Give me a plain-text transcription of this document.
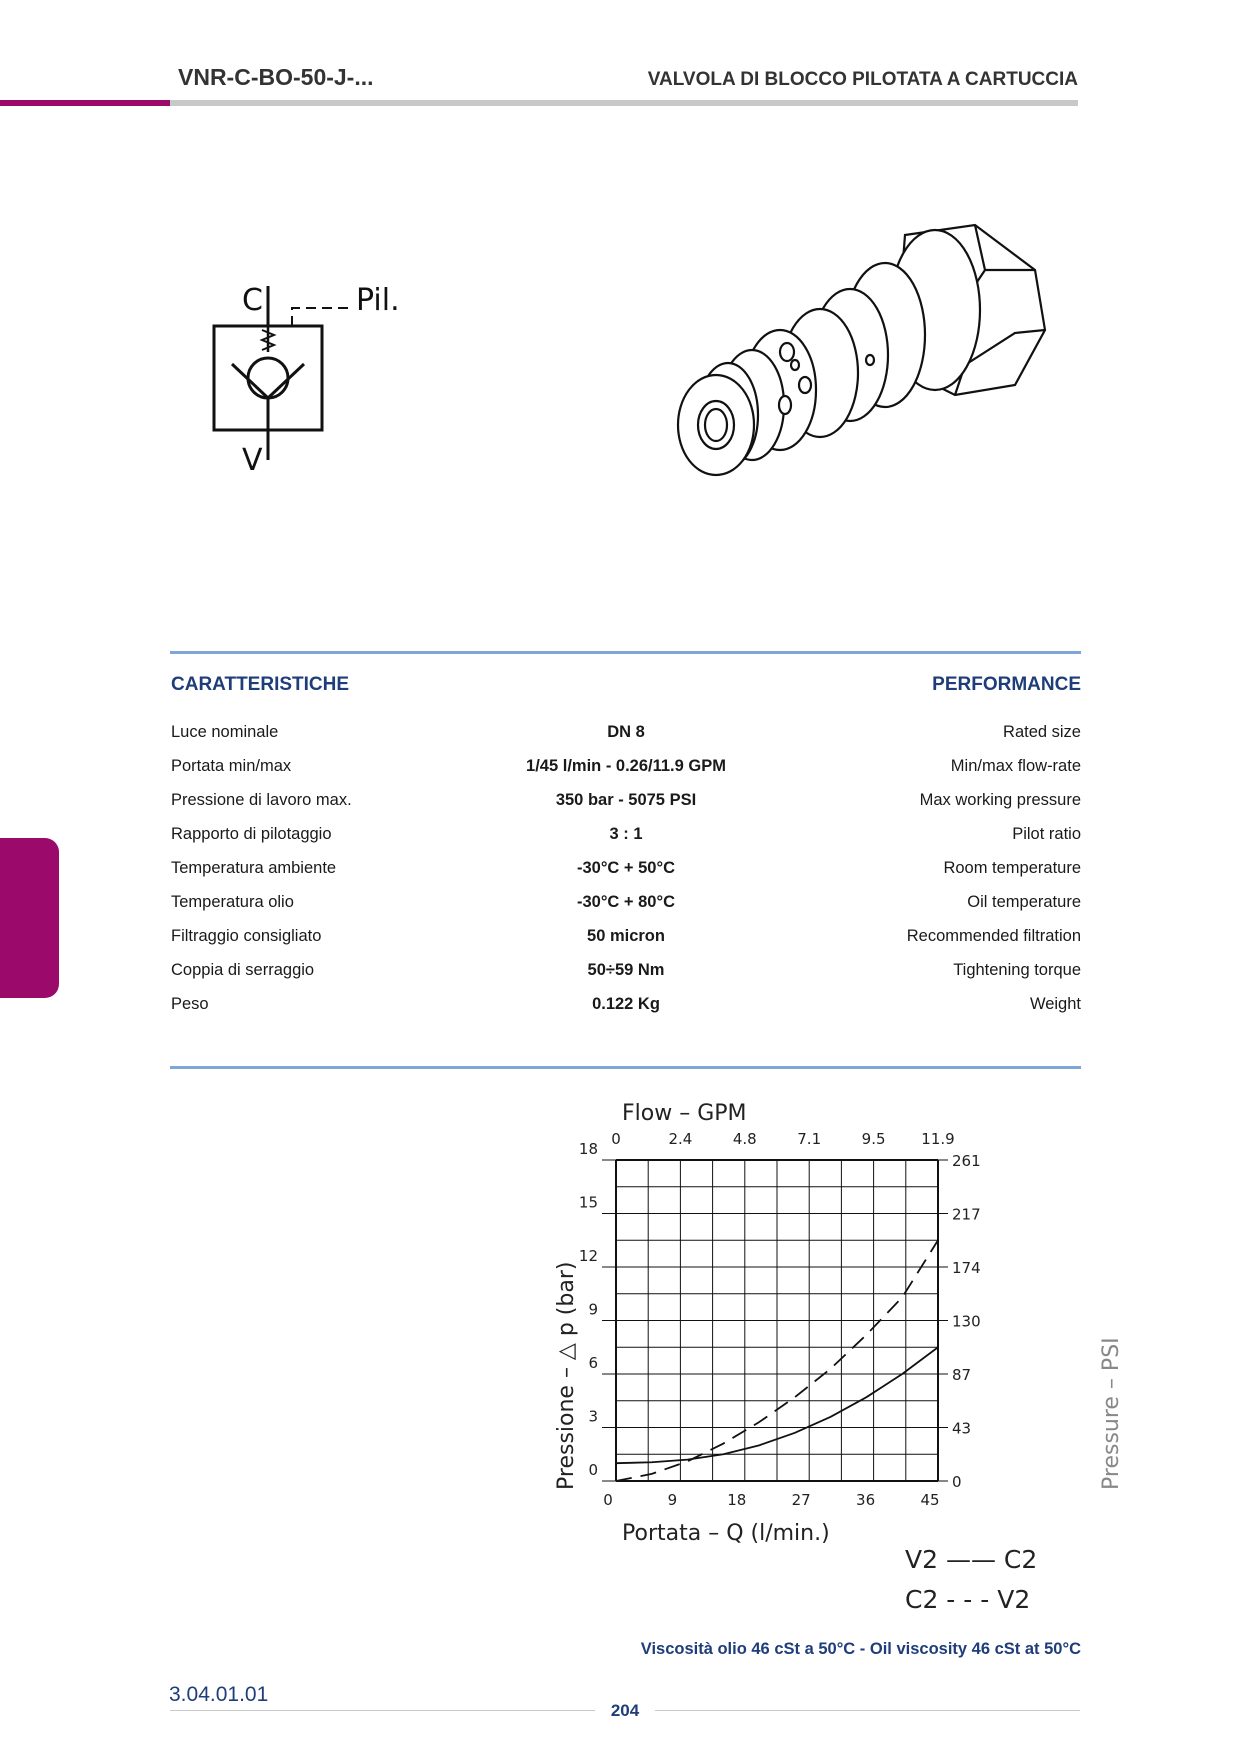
VNR-C-BO-50-J-...	VALVOLA DI BLOCCO PILOTATA A CARTUCCIA
C
V
Pil.
CARATTERISTICHE	PERFORMANCE
Luce nominale	DN 8	Rated size
Portata min/max	1/45 l/min - 0.26/11.9 GPM	Min/max flow-rate
Pressione di lavoro max.	350 bar - 5075 PSI	Max working pressure
Rapporto di pilotaggio	3 : 1	Pilot ratio
Temperatura ambiente	-30°C + 50°C	Room temperature
Temperatura olio	-30°C + 80°C	Oil temperature
Filtraggio consigliato	50 micron	Recommended filtration
Coppia di serraggio	50÷59 Nm	Tightening torque
Peso	0.122 Kg	Weight
0	9	18	27	36	45
0	2.4	4.8	7.1	9.5 11.9
0
3
6
9
12
15
18
0
43
87
130
174
217
261
Flow – GPM
Portata – Q (l/min.)
Pressione – △ p (bar)	Pressure – PSI
V2 —— C2
C2 - - - V2
Viscosità olio 46 cSt a 50°C - Oil viscosity 46 cSt at 50°C
3.04.01.01
204
